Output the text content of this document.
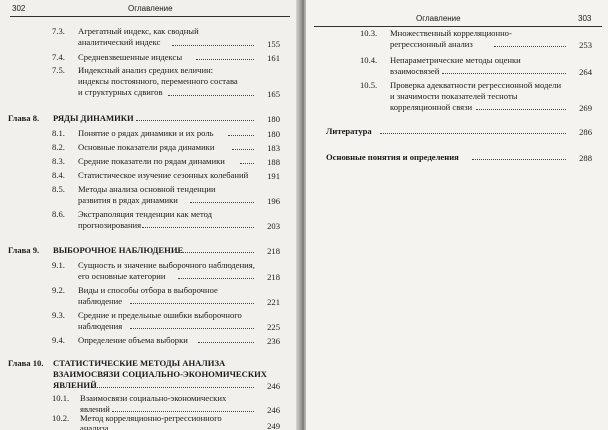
302	Оглавление
7.3. Агрегатный индекс, как сводный
аналитический индекс	155
7.4. Средневзвешенные индексы	161
7.5. Индексный анализ средних величин:
индексы постоянного, переменного состава
и структурных сдвигов	165
Глава 8. РЯДЫ ДИНАМИКИ	180
8.1. Понятие о рядах динамики и их роль	180
8.2. Основные показатели ряда динамики	183
8.3. Средние показатели по рядам динамики	188
8.4. Статистическое изучение сезонных колебаний	191
8.5. Методы анализа основной тенденции
развития в рядах динамики	196
8.6. Экстраполяция тенденции как метод
прогнозирования	203
Глава 9. ВЫБОРОЧНОЕ НАБЛЮДЕНИЕ	218
9.1. Сущность и значение выборочного наблюдения,
его основные категории	218
9.2. Виды и способы отбора в выборочное
наблюдение	221
9.3. Средние и предельные ошибки выборочного
наблюдения	225
9.4. Определение объема выборки	236
Глава 10. СТАТИСТИЧЕСКИЕ МЕТОДЫ АНАЛИЗА
ВЗАИМОСВЯЗИ СОЦИАЛЬНО-ЭКОНОМИЧЕСКИХ
ЯВЛЕНИЙ	246
10.1. Взаимосвязи социально-экономических
явлений	246
10.2. Метод корреляционно-регрессионного
анализа	249
Оглавление	303
10.3. Множественный корреляционно-
регрессионный анализ	253
10.4. Непараметрические методы оценки
взаимосвязей	264
10.5. Проверка адекватности регрессионной модели
и значимости показателей тесноты
корреляционной связи	269
Литература	286
Основные понятия и определения	288
